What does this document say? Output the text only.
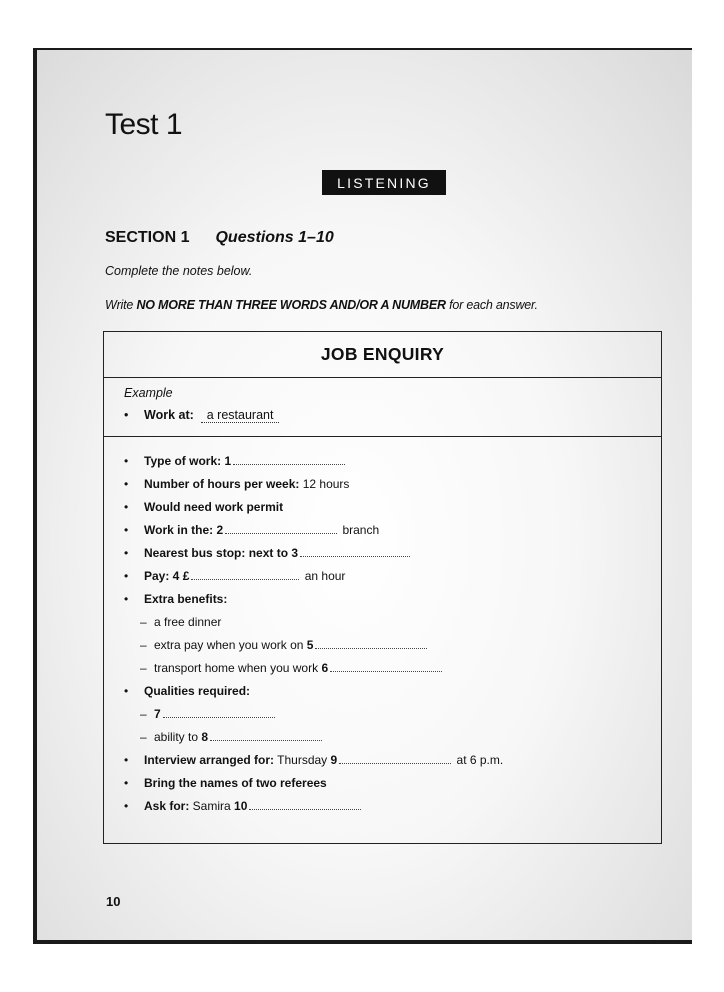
Test 1
LISTENING
SECTION 1 Questions 1–10
Complete the notes below.
Write NO MORE THAN THREE WORDS AND/OR A NUMBER for each answer.
JOB ENQUIRY
Example
• Work at: a restaurant
• Type of work: 1
• Number of hours per week: 12 hours
• Would need work permit
• Work in the: 2	branch
• Nearest bus stop: next to 3
• Pay: 4 £	an hour
• Extra benefits:
– a free dinner
– extra pay when you work on 5
– transport home when you work 6
• Qualities required:
– 7
– ability to 8
• Interview arranged for: Thursday 9	at 6 p.m.
• Bring the names of two referees
• Ask for: Samira 10
10
